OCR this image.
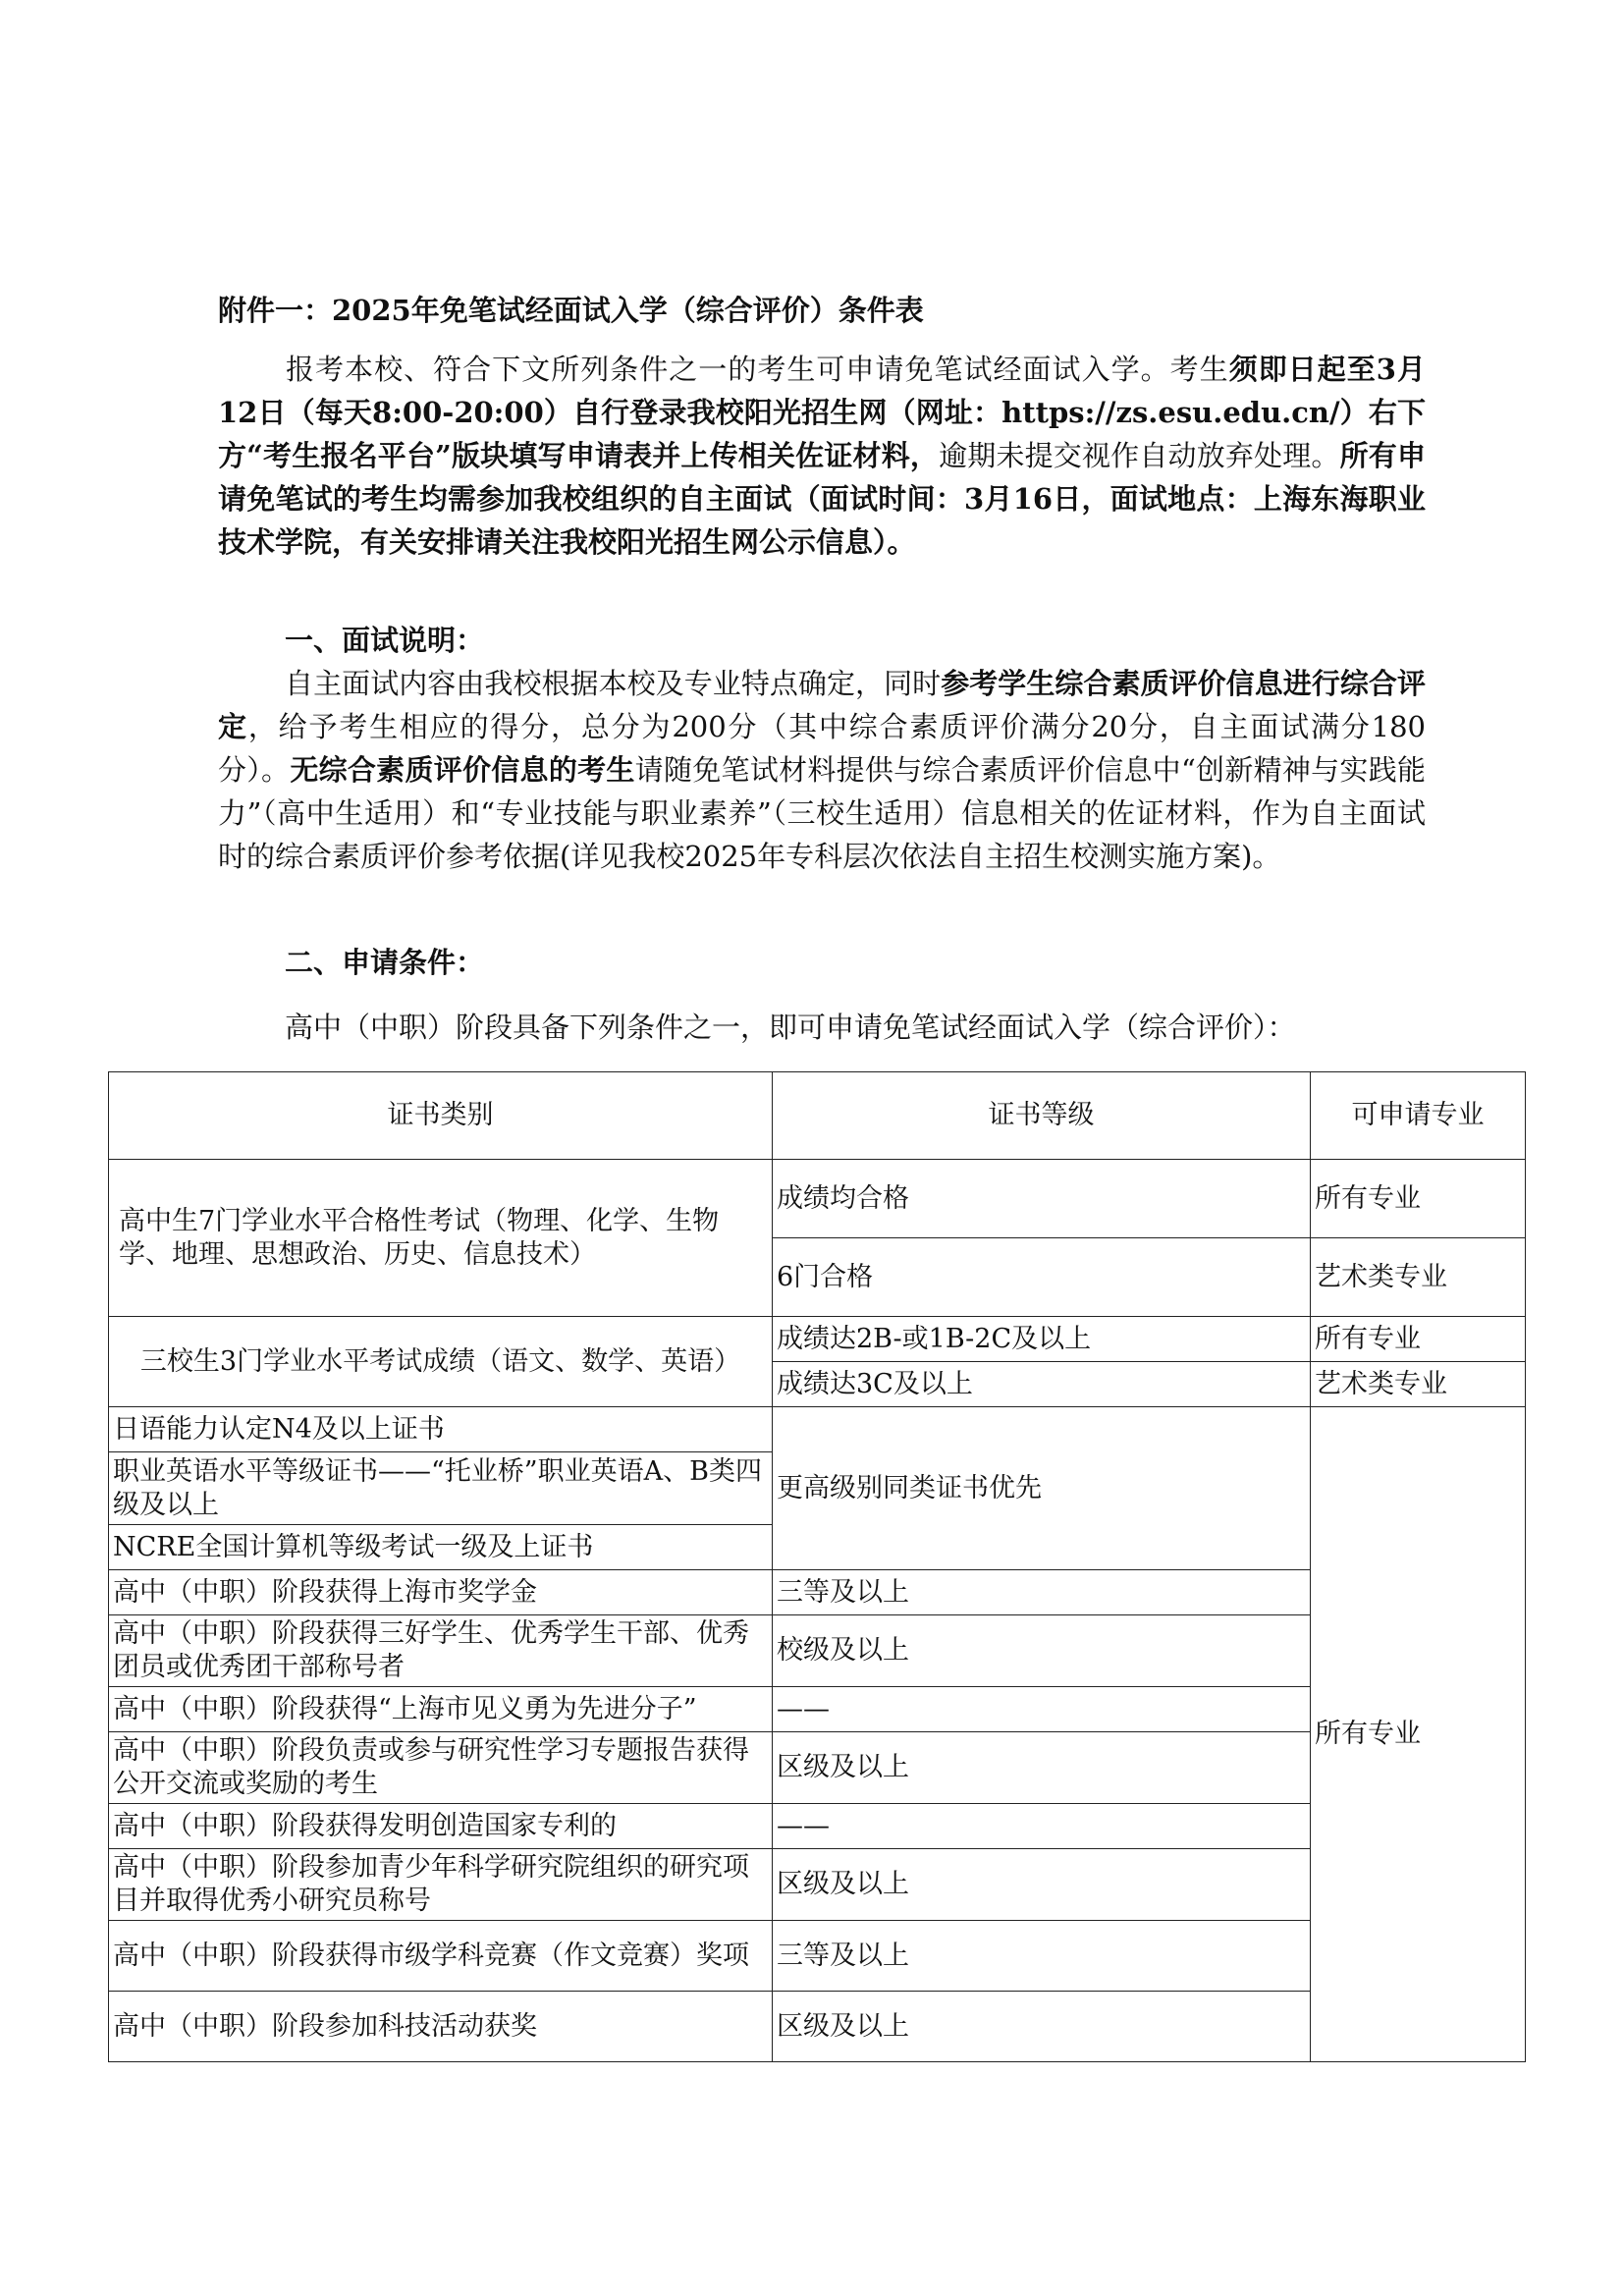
附件一：2025年免笔试经面试入学（综合评价）条件表
报考本校、符合下文所列条件之一的考生可申请免笔试经面试入学。考生须即日起至3月12日（每天8:00-20:00）自行登录我校阳光招生网（网址：https://zs.esu.edu.cn/）右下方“考生报名平台”版块填写申请表并上传相关佐证材料，逾期未提交视作自动放弃处理。所有申请免笔试的考生均需参加我校组织的自主面试（面试时间：3月16日，面试地点：上海东海职业技术学院，有关安排请关注我校阳光招生网公示信息）。
一、面试说明：
自主面试内容由我校根据本校及专业特点确定，同时参考学生综合素质评价信息进行综合评定，给予考生相应的得分，总分为200分（其中综合素质评价满分20分，自主面试满分180分）。无综合素质评价信息的考生请随免笔试材料提供与综合素质评价信息中“创新精神与实践能力”（高中生适用）和“专业技能与职业素养”（三校生适用）信息相关的佐证材料，作为自主面试时的综合素质评价参考依据(详见我校2025年专科层次依法自主招生校测实施方案)。
二、申请条件：
高中（中职）阶段具备下列条件之一，即可申请免笔试经面试入学（综合评价）：
证书类别	证书等级	可申请专业
高中生7门学业水平合格性考试（物理、化学、生物学、地理、思想政治、历史、信息技术）	成绩均合格	所有专业
	6门合格	艺术类专业
三校生3门学业水平考试成绩（语文、数学、英语）	成绩达2B-或1B-2C及以上	所有专业
	成绩达3C及以上	艺术类专业
日语能力认定N4及以上证书	更高级别同类证书优先	所有专业
职业英语水平等级证书——“托业桥”职业英语A、B类四级及以上		
NCRE全国计算机等级考试一级及上证书		
高中（中职）阶段获得上海市奖学金	三等及以上	
高中（中职）阶段获得三好学生、优秀学生干部、优秀团员或优秀团干部称号者	校级及以上	
高中（中职）阶段获得“上海市见义勇为先进分子”	——	
高中（中职）阶段负责或参与研究性学习专题报告获得公开交流或奖励的考生	区级及以上	
高中（中职）阶段获得发明创造国家专利的	——	
高中（中职）阶段参加青少年科学研究院组织的研究项目并取得优秀小研究员称号	区级及以上	
高中（中职）阶段获得市级学科竞赛（作文竞赛）奖项	三等及以上	
高中（中职）阶段参加科技活动获奖	区级及以上	
